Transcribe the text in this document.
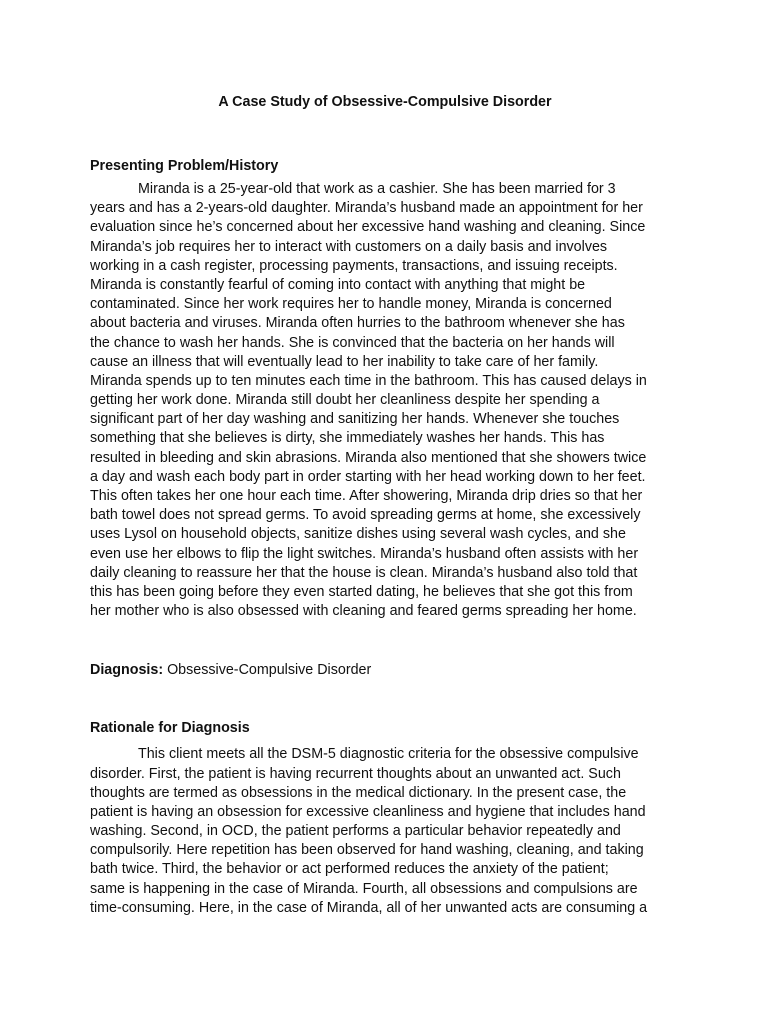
A Case Study of Obsessive-Compulsive Disorder
Presenting Problem/History

Miranda is a 25-year-old that work as a cashier. She has been married for 3
years and has a 2-years-old daughter. Miranda’s husband made an appointment for her
evaluation since he’s concerned about her excessive hand washing and cleaning. Since
Miranda’s job requires her to interact with customers on a daily basis and involves
working in a cash register, processing payments, transactions, and issuing receipts.
Miranda is constantly fearful of coming into contact with anything that might be
contaminated. Since her work requires her to handle money, Miranda is concerned
about bacteria and viruses. Miranda often hurries to the bathroom whenever she has
the chance to wash her hands. She is convinced that the bacteria on her hands will
cause an illness that will eventually lead to her inability to take care of her family.
Miranda spends up to ten minutes each time in the bathroom. This has caused delays in
getting her work done. Miranda still doubt her cleanliness despite her spending a
significant part of her day washing and sanitizing her hands. Whenever she touches
something that she believes is dirty, she immediately washes her hands. This has
resulted in bleeding and skin abrasions. Miranda also mentioned that she showers twice
a day and wash each body part in order starting with her head working down to her feet.
This often takes her one hour each time. After showering, Miranda drip dries so that her
bath towel does not spread germs. To avoid spreading germs at home, she excessively
uses Lysol on household objects, sanitize dishes using several wash cycles, and she
even use her elbows to flip the light switches. Miranda’s husband often assists with her
daily cleaning to reassure her that the house is clean. Miranda’s husband also told that
this has been going before they even started dating, he believes that she got this from
her mother who is also obsessed with cleaning and feared germs spreading her home.

Diagnosis: Obsessive-Compulsive Disorder

Rationale for Diagnosis

This client meets all the DSM-5 diagnostic criteria for the obsessive compulsive
disorder. First, the patient is having recurrent thoughts about an unwanted act. Such
thoughts are termed as obsessions in the medical dictionary. In the present case, the
patient is having an obsession for excessive cleanliness and hygiene that includes hand
washing. Second, in OCD, the patient performs a particular behavior repeatedly and
compulsorily. Here repetition has been observed for hand washing, cleaning, and taking
bath twice. Third, the behavior or act performed reduces the anxiety of the patient;
same is happening in the case of Miranda. Fourth, all obsessions and compulsions are
time-consuming. Here, in the case of Miranda, all of her unwanted acts are consuming a
